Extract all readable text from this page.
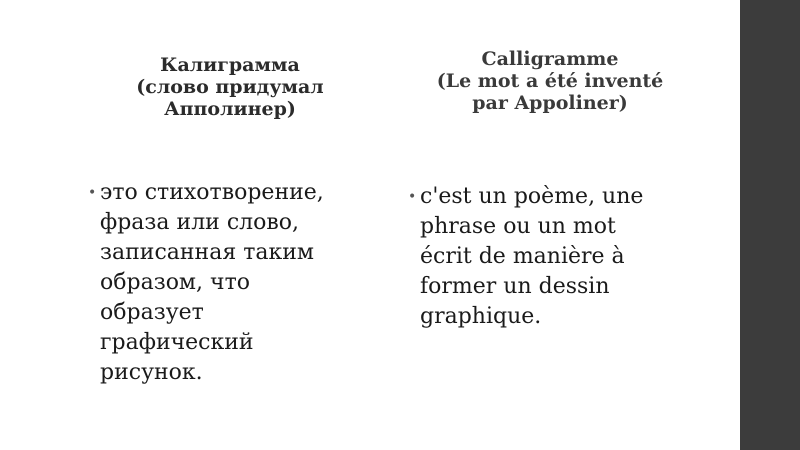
Калиграмма
(слово придумал
Апполинер)
Calligramme
(Le mot a été inventé
par Appoliner)
• это стихотворение,
фраза или слово,
записанная таким
образом, что
образует
графический
рисунок.
• c'est un poème, une
phrase ou un mot
écrit de manière à
former un dessin
graphique.
